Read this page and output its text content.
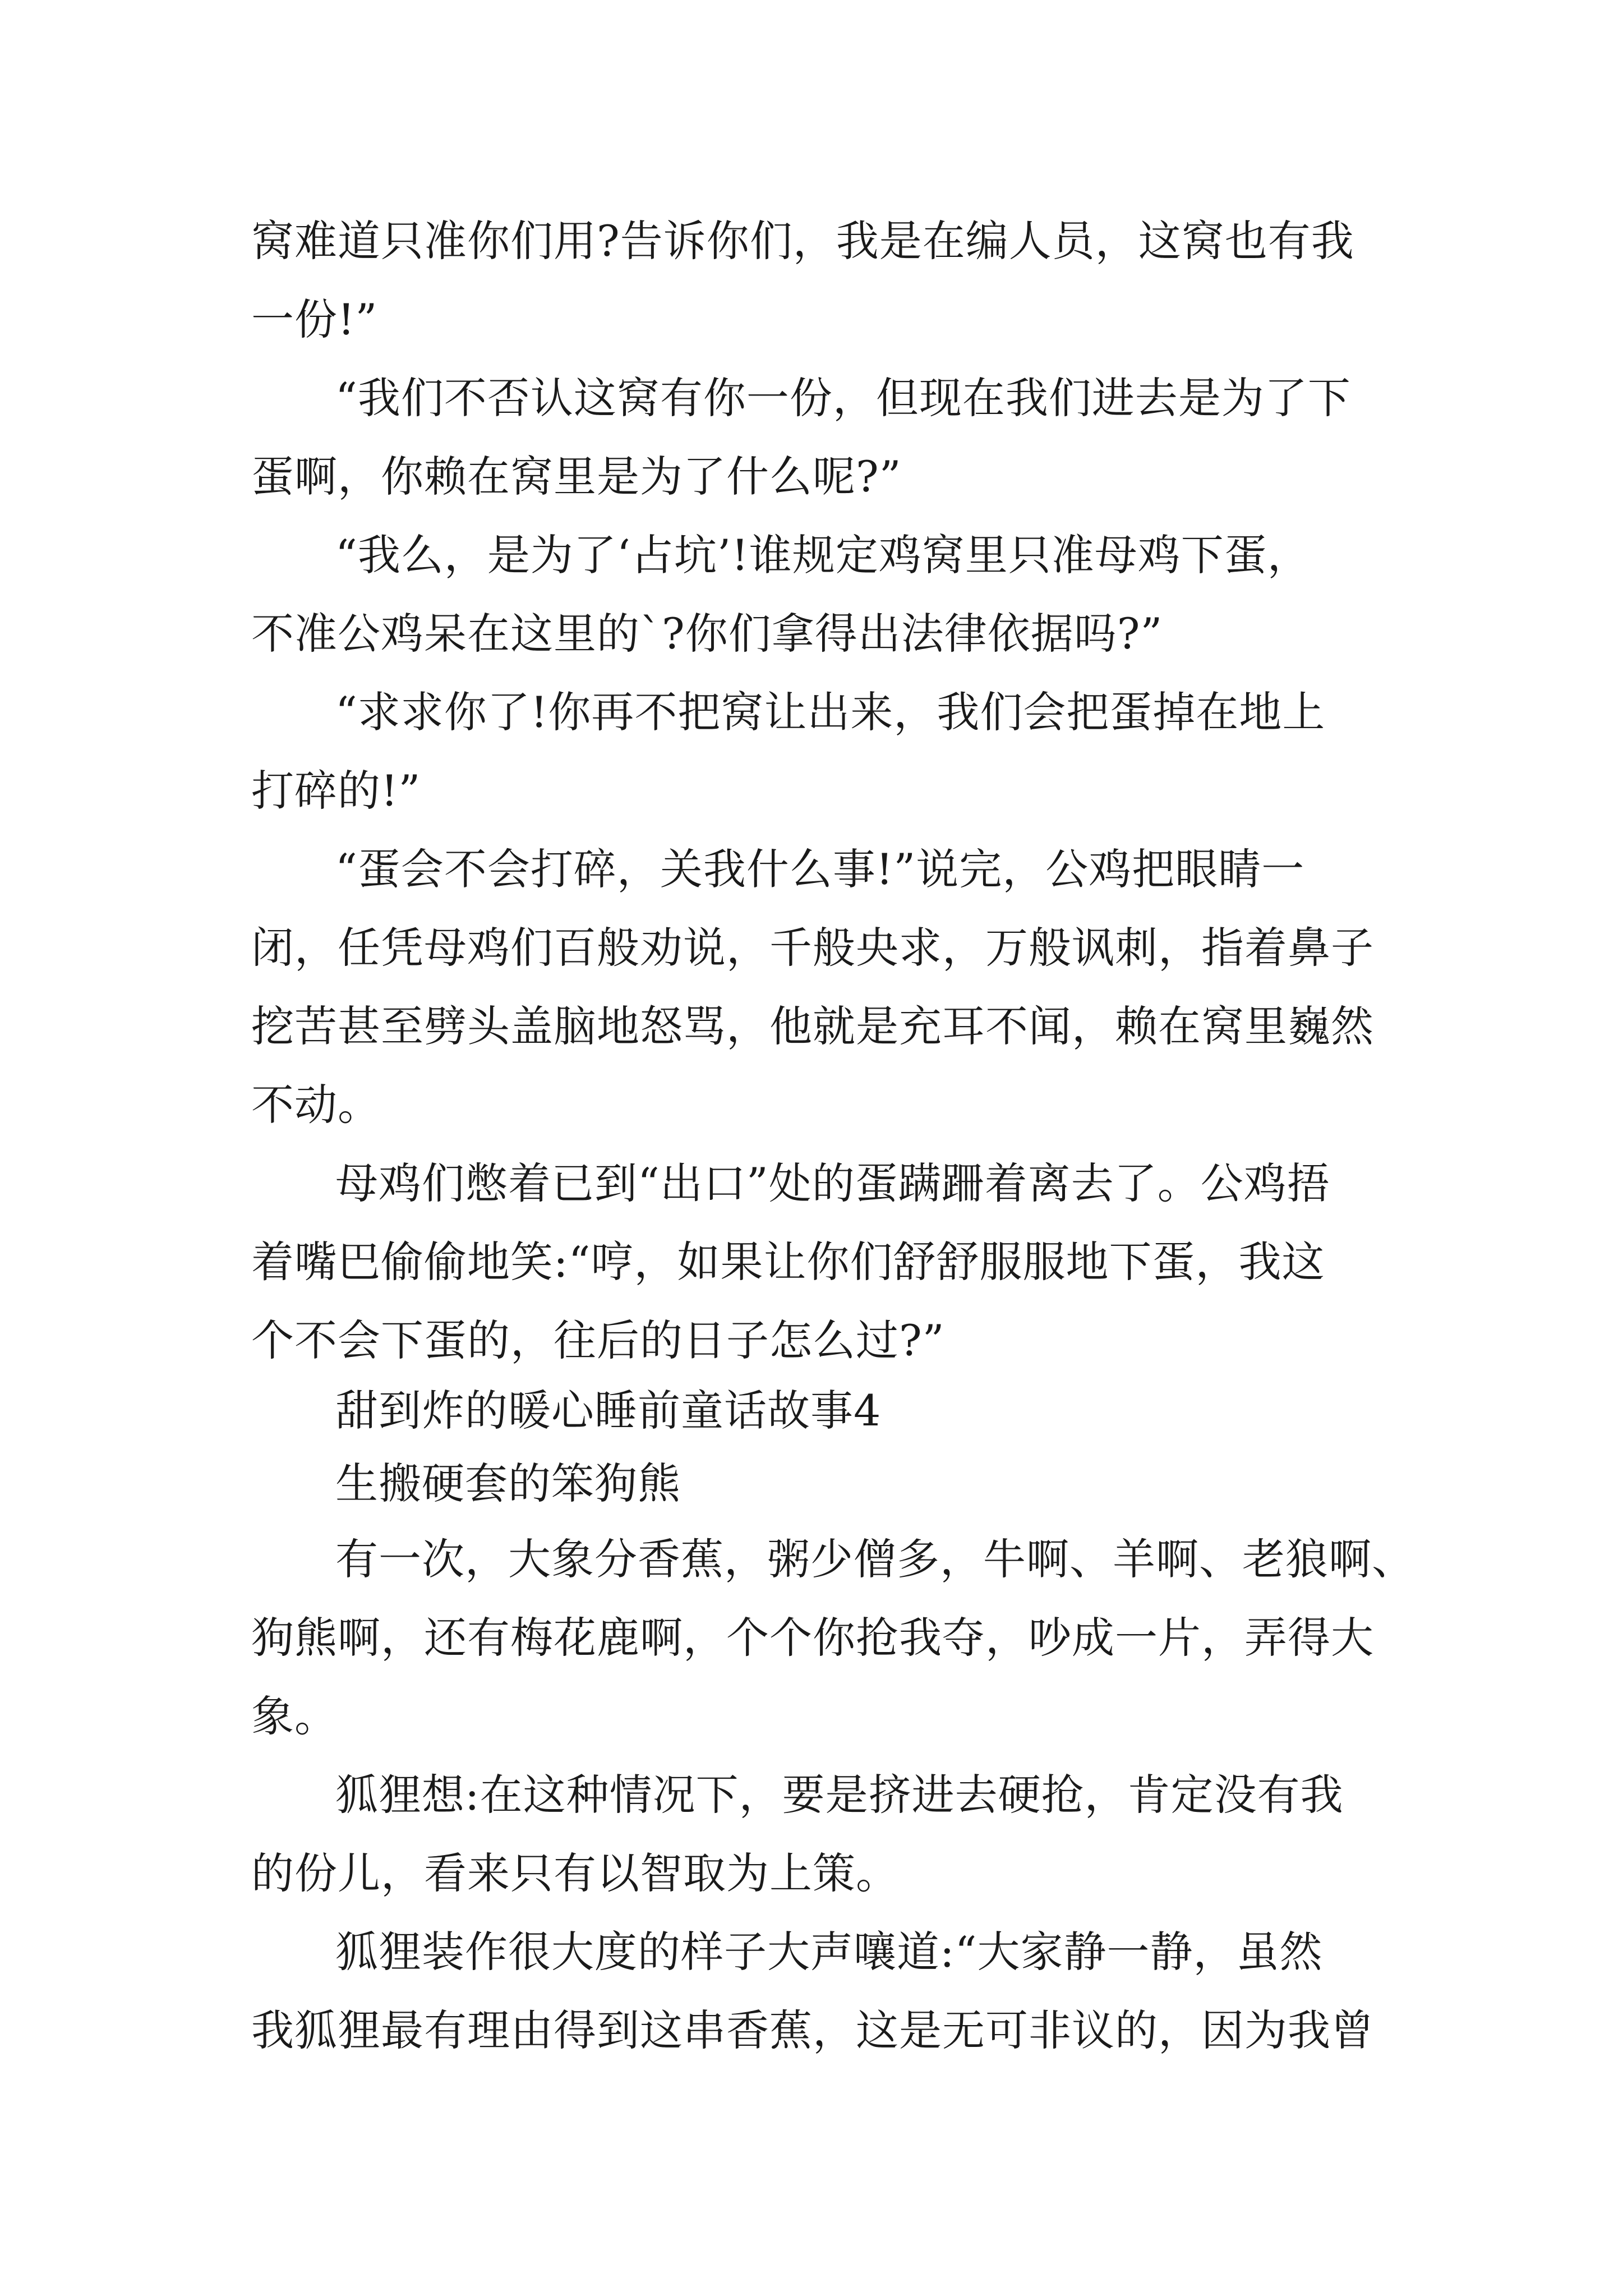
窝难道只准你们用?告诉你们，我是在编人员，这窝也有我
一份!”
“我们不否认这窝有你一份，但现在我们进去是为了下
蛋啊，你赖在窝里是为了什么呢?”
“我么，是为了‘占坑’!谁规定鸡窝里只准母鸡下蛋，
不准公鸡呆在这里的`?你们拿得出法律依据吗?”
“求求你了!你再不把窝让出来，我们会把蛋掉在地上
打碎的!”
“蛋会不会打碎，关我什么事!”说完，公鸡把眼睛一
闭，任凭母鸡们百般劝说，千般央求，万般讽刺，指着鼻子
挖苦甚至劈头盖脑地怒骂，他就是充耳不闻，赖在窝里巍然
不动。
母鸡们憋着已到“出口”处的蛋蹒跚着离去了。公鸡捂
着嘴巴偷偷地笑:“哼，如果让你们舒舒服服地下蛋，我这
个不会下蛋的，往后的日子怎么过?”
甜到炸的暖心睡前童话故事4
生搬硬套的笨狗熊
有一次，大象分香蕉，粥少僧多，牛啊、羊啊、老狼啊、
狗熊啊，还有梅花鹿啊，个个你抢我夺，吵成一片，弄得大
象。
狐狸想:在这种情况下，要是挤进去硬抢，肯定没有我
的份儿，看来只有以智取为上策。
狐狸装作很大度的样子大声嚷道:“大家静一静，虽然
我狐狸最有理由得到这串香蕉，这是无可非议的，因为我曾
